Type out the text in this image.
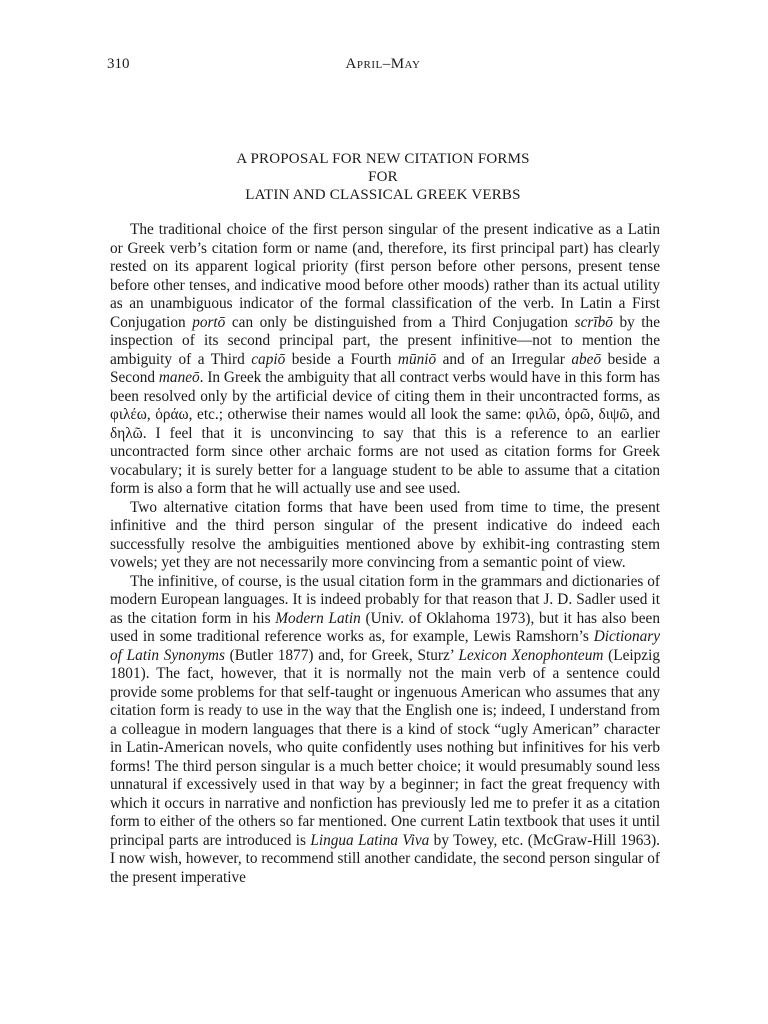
310	April–May
A PROPOSAL FOR NEW CITATION FORMS
FOR
LATIN AND CLASSICAL GREEK VERBS

The traditional choice of the first person singular of the present indicative as a Latin or Greek verb’s citation form or name (and, therefore, its first principal part) has clearly rested on its apparent logical priority (first person before other persons, present tense before other tenses, and indicative mood before other moods) rather than its actual utility as an unambiguous indicator of the formal classification of the verb. In Latin a First Conjugation portō can only be distinguished from a Third Conjugation scrībō by the inspection of its second principal part, the present infinitive—not to mention the ambiguity of a Third capiō beside a Fourth mūniō and of an Irregular abeō beside a Second maneō. In Greek the ambiguity that all contract verbs would have in this form has been resolved only by the artificial device of citing them in their uncontracted forms, as φιλέω, ὁράω, etc.; otherwise their names would all look the same: φιλῶ, ὁρῶ, διψῶ, and δηλῶ. I feel that it is unconvincing to say that this is a reference to an earlier uncontracted form since other archaic forms are not used as citation forms for Greek vocabulary; it is surely better for a language student to be able to assume that a citation form is also a form that he will actually use and see used.

Two alternative citation forms that have been used from time to time, the present infinitive and the third person singular of the present indicative do indeed each successfully resolve the ambiguities mentioned above by exhibit-ing contrasting stem vowels; yet they are not necessarily more convincing from a semantic point of view.

The infinitive, of course, is the usual citation form in the grammars and dictionaries of modern European languages. It is indeed probably for that reason that J. D. Sadler used it as the citation form in his Modern Latin (Univ. of Oklahoma 1973), but it has also been used in some traditional reference works as, for example, Lewis Ramshorn’s Dictionary of Latin Synonyms (Butler 1877) and, for Greek, Sturz’ Lexicon Xenophonteum (Leipzig 1801). The fact, however, that it is normally not the main verb of a sentence could provide some problems for that self-taught or ingenuous American who assumes that any citation form is ready to use in the way that the English one is; indeed, I understand from a colleague in modern languages that there is a kind of stock “ugly American” character in Latin-American novels, who quite confidently uses nothing but infinitives for his verb forms! The third person singular is a much better choice; it would presumably sound less unnatural if excessively used in that way by a beginner; in fact the great frequency with which it occurs in narrative and nonfiction has previously led me to prefer it as a citation form to either of the others so far mentioned. One current Latin textbook that uses it until principal parts are introduced is Lingua Latina Viva by Towey, etc. (McGraw-Hill 1963). I now wish, however, to recommend still another candidate, the second person singular of the present imperative
